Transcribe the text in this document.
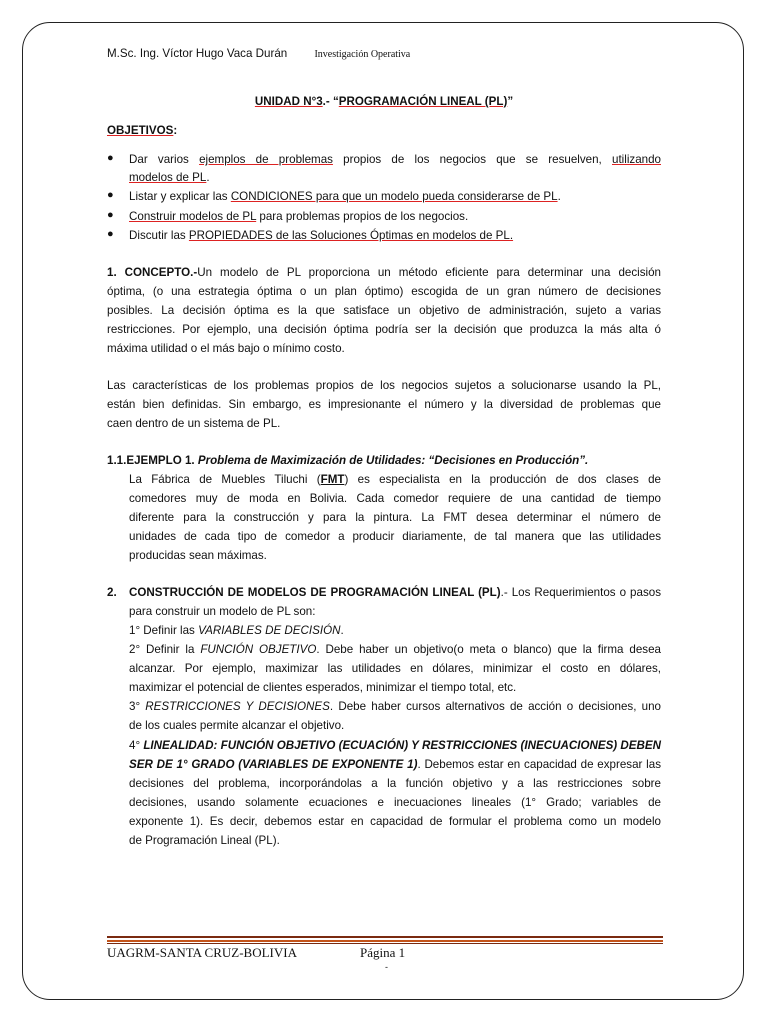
M.Sc. Ing. Víctor Hugo Vaca Durán	Investigación Operativa
UNIDAD N°3.- “PROGRAMACIÓN LINEAL (PL)”
OBJETIVOS:
● Dar varios ejemplos de problemas propios de los negocios que se resuelven, utilizando
modelos de PL.
● Listar y explicar las CONDICIONES para que un modelo pueda considerarse de PL.
● Construir modelos de PL para problemas propios de los negocios.
● Discutir las PROPIEDADES de las Soluciones Óptimas en modelos de PL.
1. CONCEPTO.-Un modelo de PL proporciona un método eficiente para determinar una decisión
óptima, (o una estrategia óptima o un plan óptimo) escogida de un gran número de decisiones
posibles. La decisión óptima es la que satisface un objetivo de administración, sujeto a varias
restricciones. Por ejemplo, una decisión óptima podría ser la decisión que produzca la más alta ó
máxima utilidad o el más bajo o mínimo costo.
Las características de los problemas propios de los negocios sujetos a solucionarse usando la PL,
están bien definidas. Sin embargo, es impresionante el número y la diversidad de problemas que
caen dentro de un sistema de PL.
1.1.EJEMPLO 1. Problema de Maximización de Utilidades: “Decisiones en Producción”.
La Fábrica de Muebles Tiluchi (FMT) es especialista en la producción de dos clases de
comedores muy de moda en Bolivia. Cada comedor requiere de una cantidad de tiempo
diferente para la construcción y para la pintura. La FMT desea determinar el número de
unidades de cada tipo de comedor a producir diariamente, de tal manera que las utilidades
producidas sean máximas.
2.	CONSTRUCCIÓN DE MODELOS DE PROGRAMACIÓN LINEAL (PL).- Los Requerimientos o pasos
para construir un modelo de PL son:
1° Definir las VARIABLES DE DECISIÓN.
2° Definir la FUNCIÓN OBJETIVO. Debe haber un objetivo(o meta o blanco) que la firma desea
alcanzar. Por ejemplo, maximizar las utilidades en dólares, minimizar el costo en dólares,
maximizar el potencial de clientes esperados, minimizar el tiempo total, etc.
3° RESTRICCIONES Y DECISIONES. Debe haber cursos alternativos de acción o decisiones, uno
de los cuales permite alcanzar el objetivo.
4° LINEALIDAD: FUNCIÓN OBJETIVO (ECUACIÓN) Y RESTRICCIONES (INECUACIONES) DEBEN
SER DE 1° GRADO (VARIABLES DE EXPONENTE 1). Debemos estar en capacidad de expresar las
decisiones del problema, incorporándolas a la función objetivo y a las restricciones sobre
decisiones, usando solamente ecuaciones e inecuaciones lineales (1° Grado; variables de
exponente 1). Es decir, debemos estar en capacidad de formular el problema como un modelo
de Programación Lineal (PL).
UAGRM-SANTA CRUZ-BOLIVIA	Página 1
-
